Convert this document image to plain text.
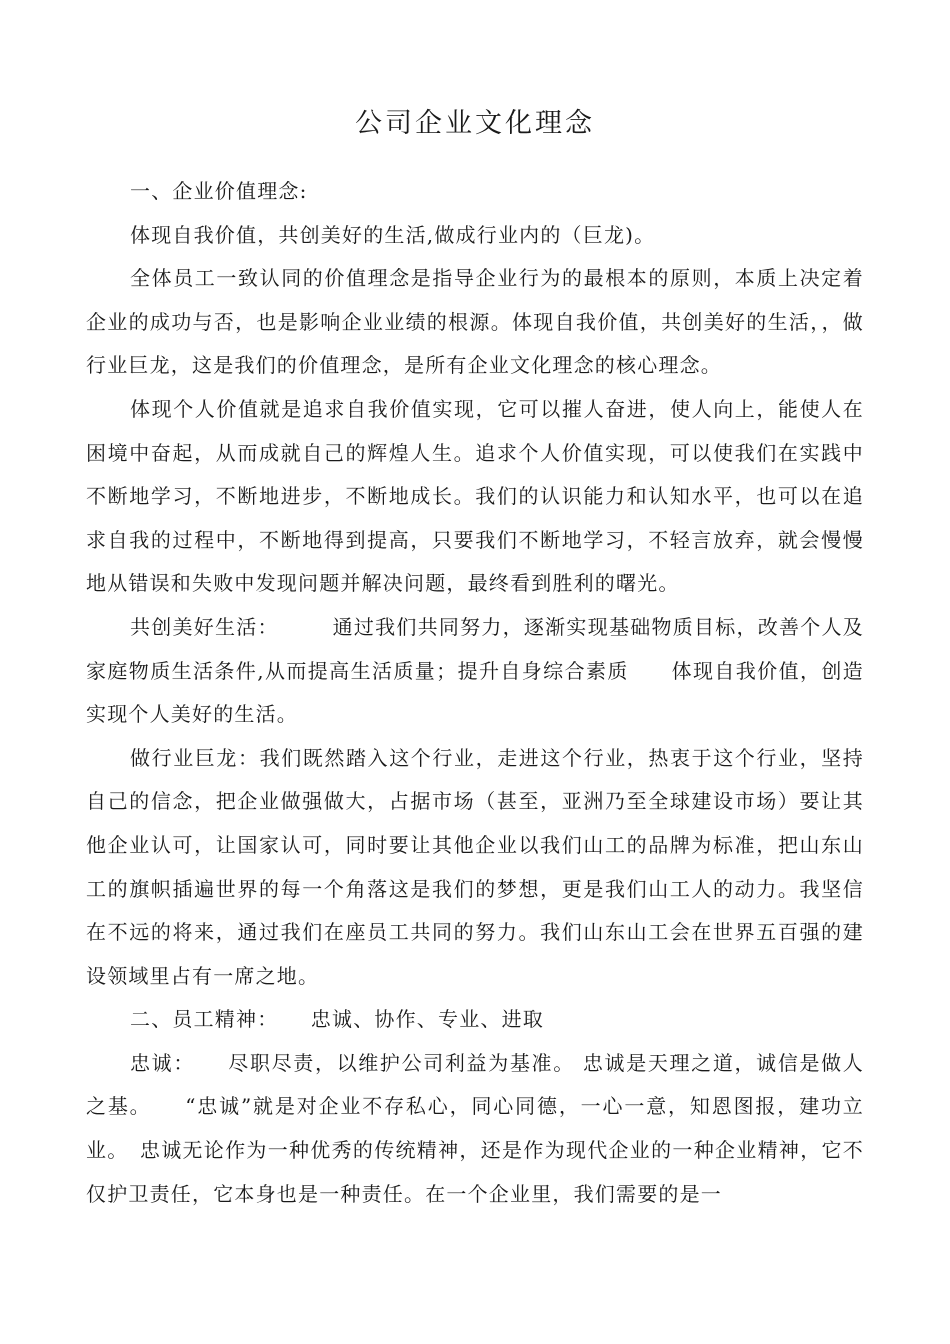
公司企业文化理念

一、企业价值理念:

体现自我价值，共创美好的生活,做成行业内的（巨龙)。

全体员工一致认同的价值理念是指导企业行为的最根本的原则，本质上决定着企业的成功与否，也是影响企业业绩的根源。体现自我价值，共创美好的生活，，做行业巨龙，这是我们的价值理念，是所有企业文化理念的核心理念。

体现个人价值就是追求自我价值实现，它可以摧人奋进，使人向上，能使人在困境中奋起，从而成就自己的辉煌人生。追求个人价值实现，可以使我们在实践中不断地学习，不断地进步，不断地成长。我们的认识能力和认知水平，也可以在追求自我的过程中，不断地得到提高，只要我们不断地学习，不轻言放弃，就会慢慢地从错误和失败中发现问题并解决问题，最终看到胜利的曙光。

共创美好生活：　　　通过我们共同努力，逐渐实现基础物质目标，改善个人及家庭物质生活条件,从而提高生活质量；提升自身综合素质　　体现自我价值，创造实现个人美好的生活。

做行业巨龙：我们既然踏入这个行业，走进这个行业，热衷于这个行业，坚持自己的信念，把企业做强做大，占据市场（甚至，亚洲乃至全球建设市场）要让其他企业认可，让国家认可，同时要让其他企业以我们山工的品牌为标准，把山东山工的旗帜插遍世界的每一个角落这是我们的梦想，更是我们山工人的动力。我坚信在不远的将来，通过我们在座员工共同的努力。我们山东山工会在世界五百强的建设领域里占有一席之地。

二、员工精神：　　忠诚、协作、专业、进取

忠诚：　　尽职尽责，以维护公司利益为基准。 忠诚是天理之道，诚信是做人之基。　　“忠诚”就是对企业不存私心，同心同德，一心一意，知恩图报，建功立业。　忠诚无论作为一种优秀的传统精神，还是作为现代企业的一种企业精神，它不仅护卫责任，它本身也是一种责任。在一个企业里，我们需要的是一
